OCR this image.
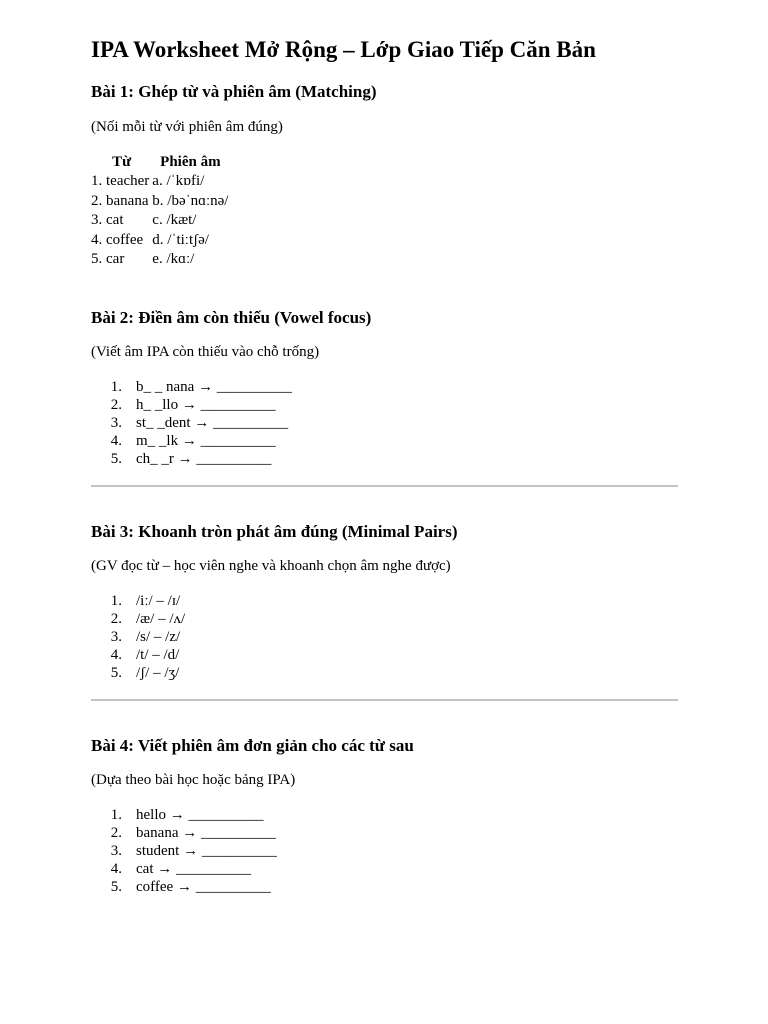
IPA Worksheet Mở Rộng – Lớp Giao Tiếp Căn Bản
Bài 1: Ghép từ và phiên âm (Matching)

(Nối mỗi từ với phiên âm đúng)

Từ	Phiên âm
1. teacher	a. /ˈkɒfi/
2. banana	b. /bəˈnɑːnə/
3. cat	c. /kæt/
4. coffee	d. /ˈtiːtʃə/
5. car	e. /kɑː/
Bài 2: Điền âm còn thiếu (Vowel focus)

(Viết âm IPA còn thiếu vào chỗ trống)

1. b_ _ nana → __________
2. h_ _llo → __________
3. st_ _dent → __________
4. m_ _lk → __________
5. ch_ _r → __________
Bài 3: Khoanh tròn phát âm đúng (Minimal Pairs)

(GV đọc từ – học viên nghe và khoanh chọn âm nghe được)

1. /iː/ – /ɪ/
2. /æ/ – /ʌ/
3. /s/ – /z/
4. /t/ – /d/
5. /ʃ/ – /ʒ/
Bài 4: Viết phiên âm đơn giản cho các từ sau

(Dựa theo bài học hoặc bảng IPA)

1. hello → __________
2. banana → __________
3. student → __________
4. cat → __________
5. coffee → __________
